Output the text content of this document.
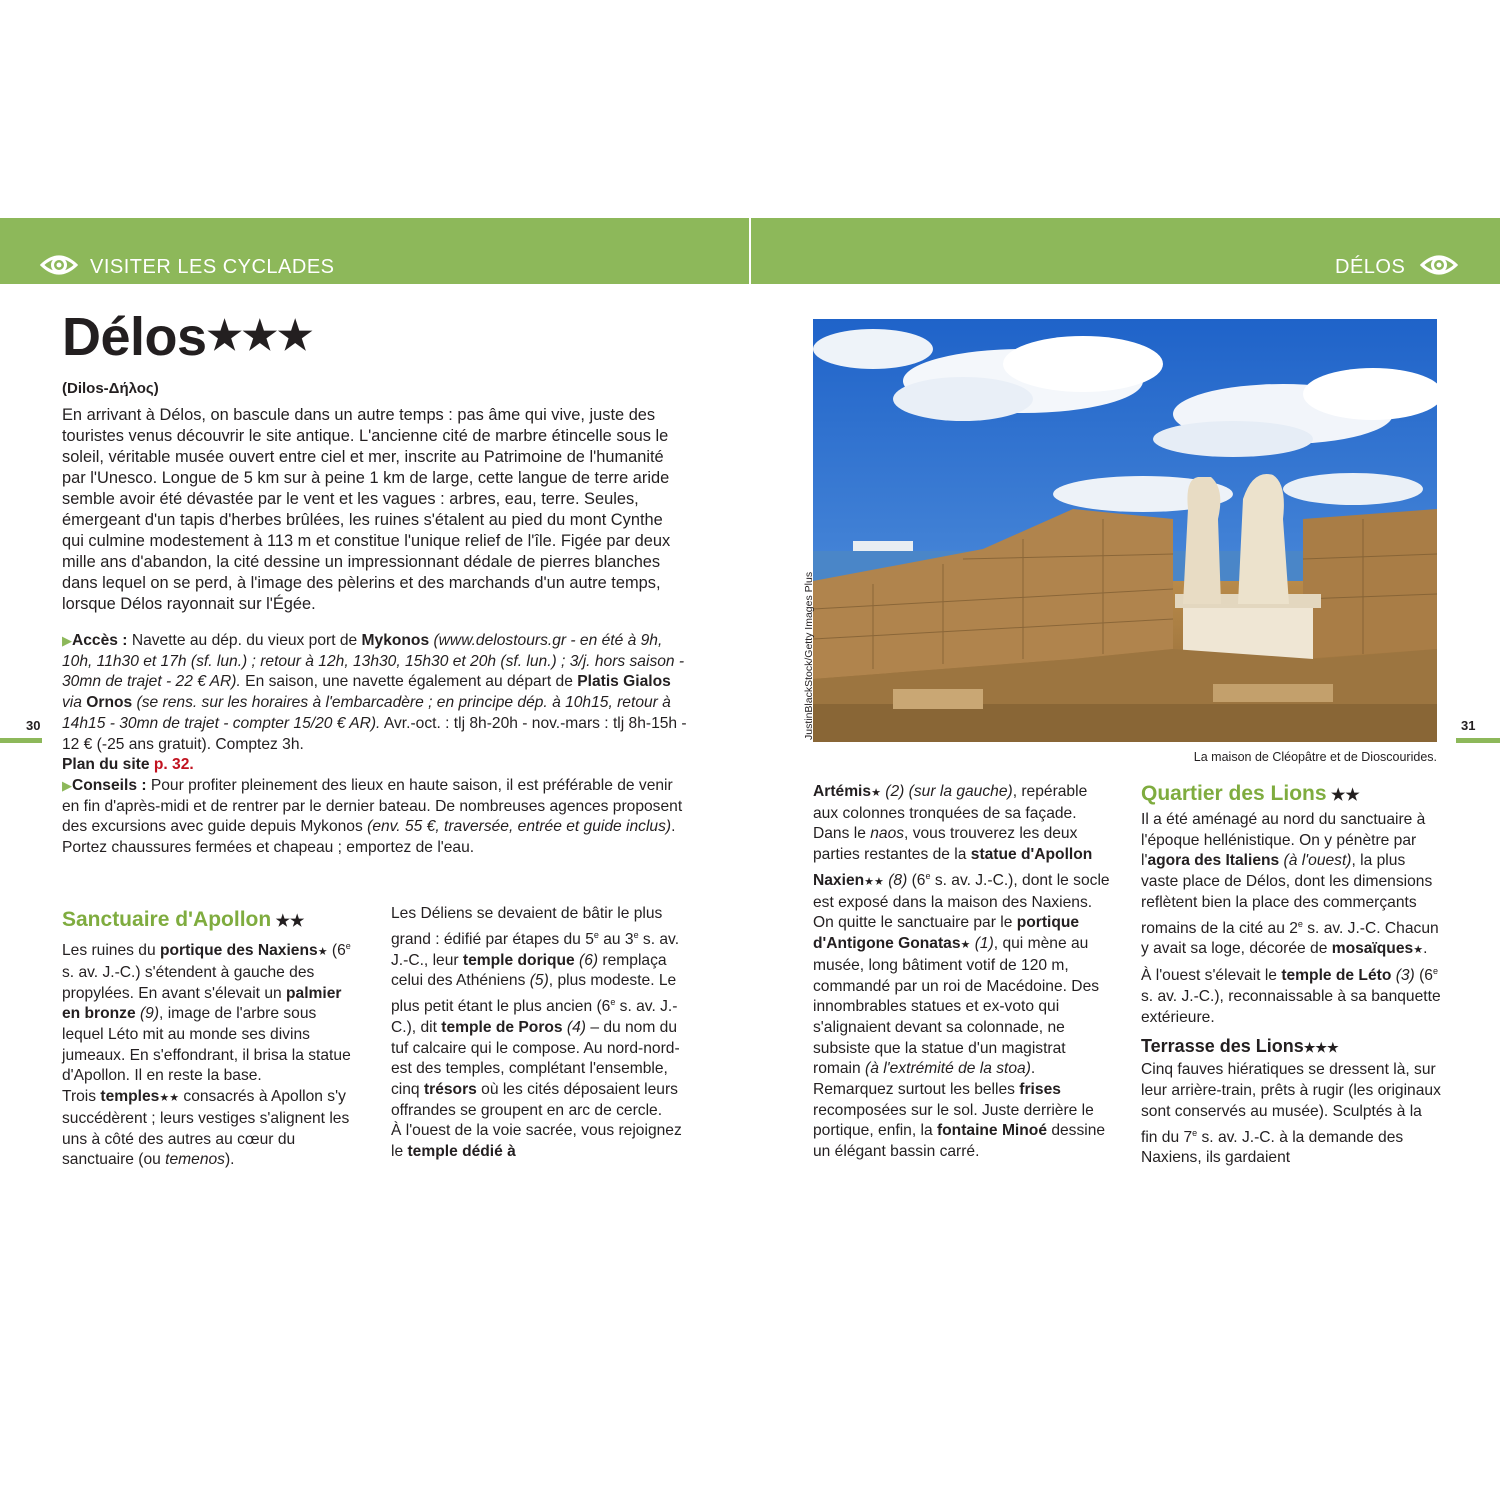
VISITER LES CYCLADES	DÉLOS
30	31
Délos★★★
(Dilos-Δήλος)

En arrivant à Délos, on bascule dans un autre temps : pas âme qui vive, juste des touristes venus découvrir le site antique. L'ancienne cité de marbre étincelle sous le soleil, véritable musée ouvert entre ciel et mer, inscrite au Patrimoine de l'humanité par l'Unesco. Longue de 5 km sur à peine 1 km de large, cette langue de terre aride semble avoir été dévastée par le vent et les vagues : arbres, eau, terre. Seules, émergeant d'un tapis d'herbes brûlées, les ruines s'étalent au pied du mont Cynthe qui culmine modestement à 113 m et constitue l'unique relief de l'île. Figée par deux mille ans d'abandon, la cité dessine un impressionnant dédale de pierres blanches dans lequel on se perd, à l'image des pèlerins et des marchands d'un autre temps, lorsque Délos rayonnait sur l'Égée.

▶Accès : Navette au dép. du vieux port de Mykonos (www.delostours.gr - en été à 9h, 10h, 11h30 et 17h (sf. lun.) ; retour à 12h, 13h30, 15h30 et 20h (sf. lun.) ; 3/j. hors saison - 30mn de trajet - 22 € AR). En saison, une navette également au départ de Platis Gialos via Ornos (se rens. sur les horaires à l'embarcadère ; en principe dép. à 10h15, retour à 14h15 - 30mn de trajet - compter 15/20 € AR). Avr.-oct. : tlj 8h-20h - nov.-mars : tlj 8h-15h - 12 € (-25 ans gratuit). Comptez 3h.

Plan du site p. 32.

▶Conseils : Pour profiter pleinement des lieux en haute saison, il est préférable de venir en fin d'après-midi et de rentrer par le dernier bateau. De nombreuses agences proposent des excursions avec guide depuis Mykonos (env. 55 €, traversée, entrée et guide inclus). Portez chaussures fermées et chapeau ; emportez de l'eau.

Sanctuaire d'Apollon ★★

Les ruines du portique des Naxiens★ (6e s. av. J.-C.) s'étendent à gauche des propylées. En avant s'élevait un palmier en bronze (9), image de l'arbre sous lequel Léto mit au monde ses divins jumeaux. En s'effondrant, il brisa la statue d'Apollon. Il en reste la base.

Trois temples★★ consacrés à Apollon s'y succédèrent ; leurs vestiges s'alignent les uns à côté des autres au cœur du sanctuaire (ou temenos).

Les Déliens se devaient de bâtir le plus grand : édifié par étapes du 5e au 3e s. av. J.-C., leur temple dorique (6) remplaça celui des Athéniens (5), plus modeste. Le plus petit étant le plus ancien (6e s. av. J.-C.), dit temple de Poros (4) – du nom du tuf calcaire qui le compose. Au nord-nord-est des temples, complétant l'ensemble, cinq trésors où les cités déposaient leurs offrandes se groupent en arc de cercle.

À l'ouest de la voie sacrée, vous rejoignez le temple dédié à

JustinBlackStock/Getty Images Plus
La maison de Cléopâtre et de Dioscourides.

Artémis★ (2) (sur la gauche), repérable aux colonnes tronquées de sa façade. Dans le naos, vous trouverez les deux parties restantes de la statue d'Apollon Naxien★★ (8) (6e s. av. J.-C.), dont le socle est exposé dans la maison des Naxiens.

On quitte le sanctuaire par le portique d'Antigone Gonatas★ (1), qui mène au musée, long bâtiment votif de 120 m, commandé par un roi de Macédoine. Des innombrables statues et ex-voto qui s'alignaient devant sa colonnade, ne subsiste que la statue d'un magistrat romain (à l'extrémité de la stoa). Remarquez surtout les belles frises recomposées sur le sol. Juste derrière le portique, enfin, la fontaine Minoé dessine un élégant bassin carré.

Quartier des Lions ★★

Il a été aménagé au nord du sanctuaire à l'époque hellénistique. On y pénètre par l'agora des Italiens (à l'ouest), la plus vaste place de Délos, dont les dimensions reflètent bien la place des commerçants romains de la cité au 2e s. av. J.-C. Chacun y avait sa loge, décorée de mosaïques★.

À l'ouest s'élevait le temple de Léto (3) (6e s. av. J.-C.), reconnaissable à sa banquette extérieure.

Terrasse des Lions★★★

Cinq fauves hiératiques se dressent là, sur leur arrière-train, prêts à rugir (les originaux sont conservés au musée). Sculptés à la fin du 7e s. av. J.-C. à la demande des Naxiens, ils gardaient
